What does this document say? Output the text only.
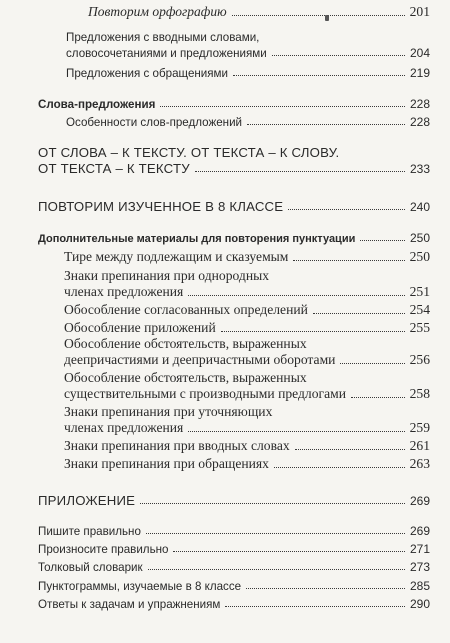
Повторим орфографию	201
Предложения с вводными словами,
словосочетаниями и предложениями	204
Предложения с обращениями	219
Слова-предложения	228
Особенности слов-предложений	228
ОТ СЛОВА – К ТЕКСТУ. ОТ ТЕКСТА – К СЛОВУ.
ОТ ТЕКСТА – К ТЕКСТУ	233
ПОВТОРИМ ИЗУЧЕННОЕ В 8 КЛАССЕ	240
Дополнительные материалы для повторения пунктуации	250
Тире между подлежащим и сказуемым	250
Знаки препинания при однородных
членах предложения	251
Обособление согласованных определений	254
Обособление приложений	255
Обособление обстоятельств, выраженных
деепричастиями и деепричастными оборотами	256
Обособление обстоятельств, выраженных
существительными с производными предлогами	258
Знаки препинания при уточняющих
членах предложения	259
Знаки препинания при вводных словах	261
Знаки препинания при обращениях	263
ПРИЛОЖЕНИЕ	269
Пишите правильно	269
Произносите правильно	271
Толковый словарик	273
Пунктограммы, изучаемые в 8 классе	285
Ответы к задачам и упражнениям	290
